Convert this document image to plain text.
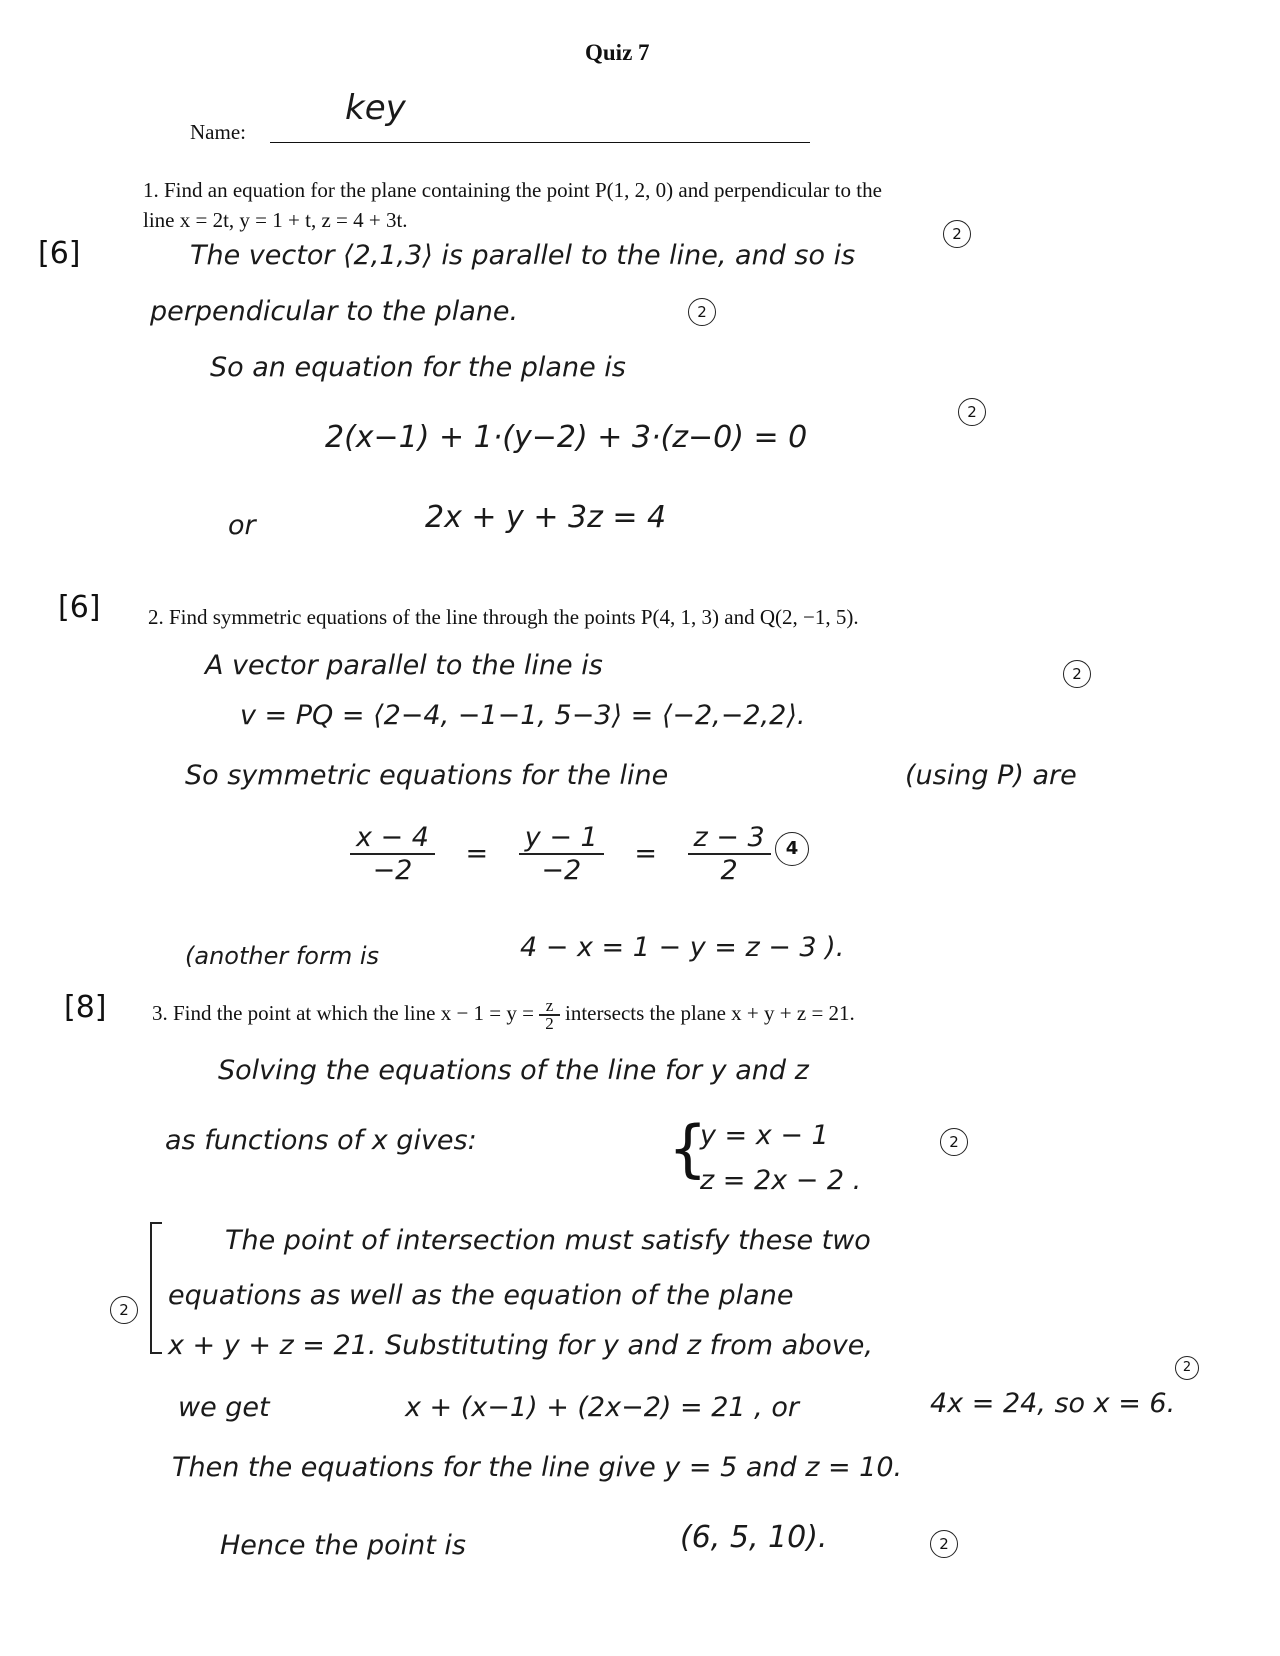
Quiz 7
Name:
key
1. Find an equation for the plane containing the point P(1, 2, 0) and perpendicular to the
line x = 2t, y = 1 + t, z = 4 + 3t.
[6]	The vector ⟨2,1,3⟩ is parallel to the line, and so is
2
perpendicular to the plane.	2
So an equation for the plane is
2(x−1) + 1·(y−2) + 3·(z−0) = 0
2
or	2x + y + 3z = 4
[6] 2. Find symmetric equations of the line through the points P(4, 1, 3) and Q(2, −1, 5).
A vector parallel to the line is	2
v = PQ = ⟨2−4, −1−1, 5−3⟩ = ⟨−2,−2,2⟩.
So symmetric equations for the line	(using P) are
$\frac{x - 4}{-2} = \frac{y - 1}{-2} = \frac{z - 3}{2} 4$
(another form is	4 − x = 1 − y = z − 3 ).
[8] 3. Find the point at which the line $x - 1 = y = \frac{z}{2}$ intersects the plane x + y + z = 21.
Solving the equations of the line for y and z
as functions of x gives:	{
y = x − 1
z = 2x − 2 .
2
2
The point of intersection must satisfy these two
equations as well as the equation of the plane
x + y + z = 21. Substituting for y and z from above,
2
we get	x + (x−1) + (2x−2) = 21 , or	4x = 24, so x = 6.
Then the equations for the line give y = 5 and z = 10.
Hence the point is	(6, 5, 10).	2
